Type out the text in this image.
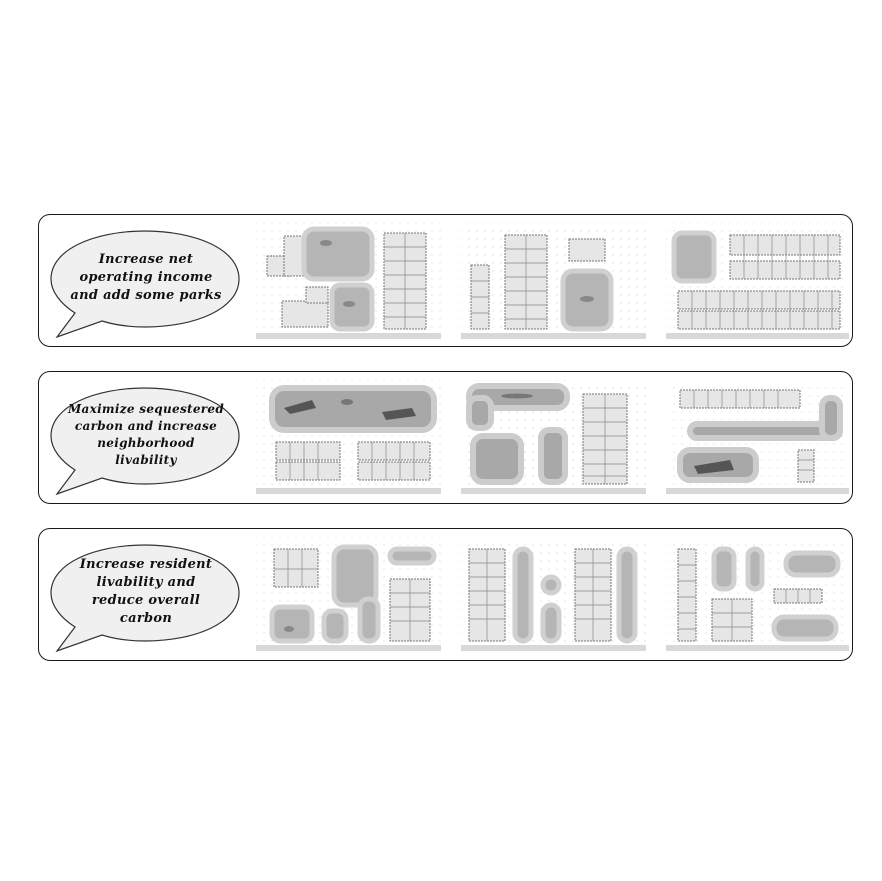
Increase net
operating income
and add some parks
Maximize sequestered
carbon and increase
neighborhood
livability
Increase resident
livability and
reduce overall
carbon
